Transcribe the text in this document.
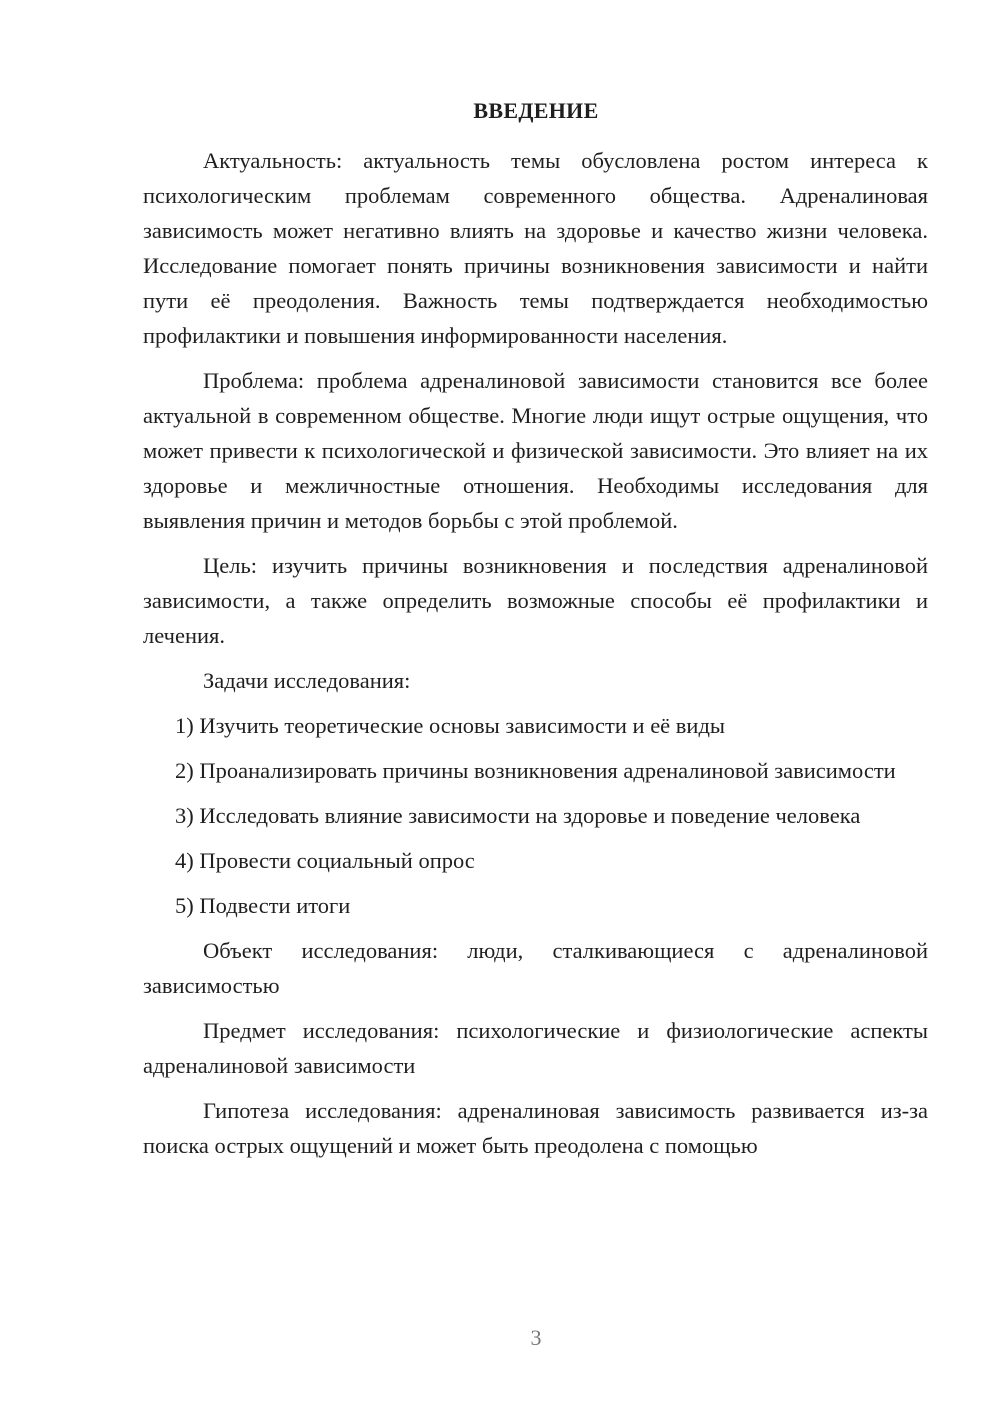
ВВЕДЕНИЕ

Актуальность: актуальность темы обусловлена ростом интереса к психологическим проблемам современного общества. Адреналиновая зависимость может негативно влиять на здоровье и качество жизни человека. Исследование помогает понять причины возникновения зависимости и найти пути её преодоления. Важность темы подтверждается необходимостью профилактики и повышения информированности населения.

Проблема: проблема адреналиновой зависимости становится все более актуальной в современном обществе. Многие люди ищут острые ощущения, что может привести к психологической и физической зависимости. Это влияет на их здоровье и межличностные отношения. Необходимы исследования для выявления причин и методов борьбы с этой проблемой.

Цель: изучить причины возникновения и последствия адреналиновой зависимости, а также определить возможные способы её профилактики и лечения.

Задачи исследования:

1) Изучить теоретические основы зависимости и её виды

2) Проанализировать причины возникновения адреналиновой зависимости

3) Исследовать влияние зависимости на здоровье и поведение человека

4) Провести социальный опрос

5) Подвести итоги

Объект исследования: люди, сталкивающиеся с адреналиновой зависимостью

Предмет исследования: психологические и физиологические аспекты адреналиновой зависимости

Гипотеза исследования: адреналиновая зависимость развивается из-за поиска острых ощущений и может быть преодолена с помощью

3
